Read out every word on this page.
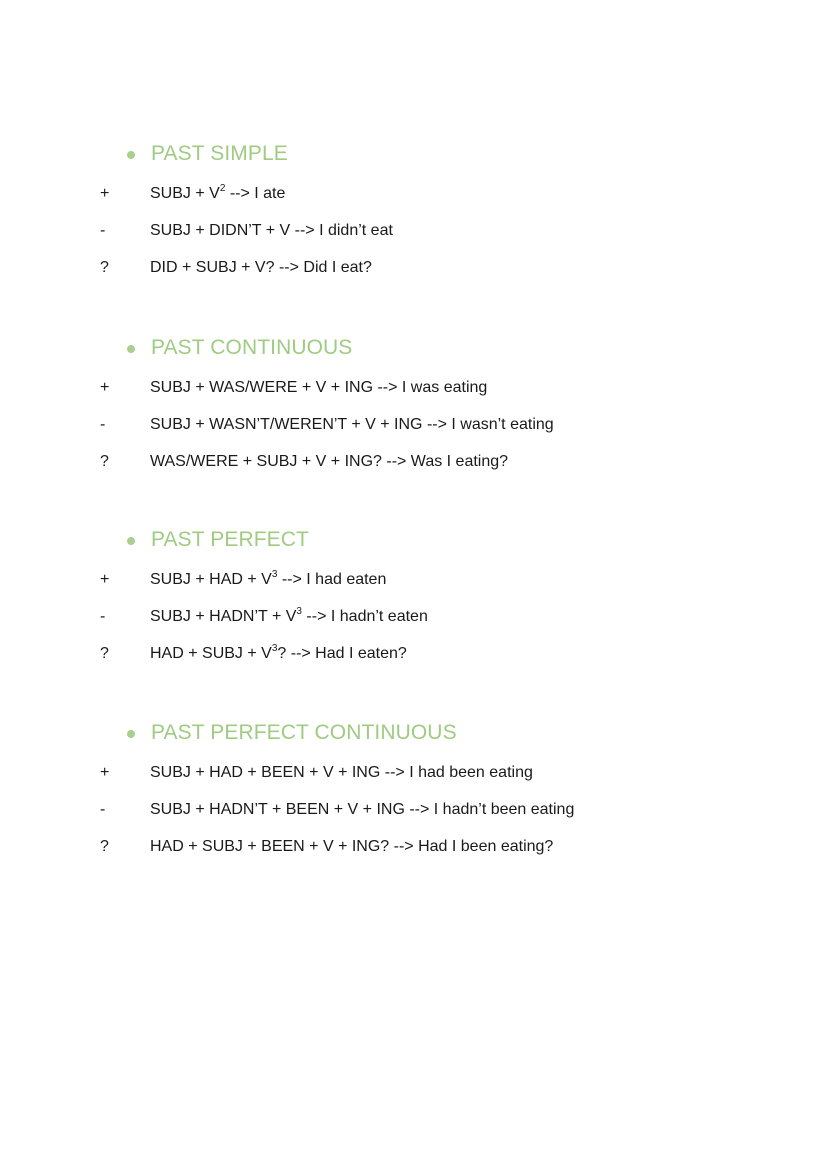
PAST SIMPLE
+	SUBJ + $V^2$ --> I ate
-	SUBJ + DIDN’T + V --> I didn’t eat
?	DID + SUBJ + V? --> Did I eat?
PAST CONTINUOUS
+	SUBJ + WAS/WERE + V + ING --> I was eating
-	SUBJ + WASN’T/WEREN’T + V + ING --> I wasn’t eating
?	WAS/WERE + SUBJ + V + ING? --> Was I eating?
PAST PERFECT
+	SUBJ + HAD + $V^3$ --> I had eaten
-	SUBJ + HADN’T + $V^3$ --> I hadn’t eaten
?	HAD + SUBJ + $V^3$? --> Had I eaten?
PAST PERFECT CONTINUOUS
+	SUBJ + HAD + BEEN + V + ING --> I had been eating
-	SUBJ + HADN’T + BEEN + V + ING --> I hadn’t been eating
?	HAD + SUBJ + BEEN + V + ING? --> Had I been eating?
